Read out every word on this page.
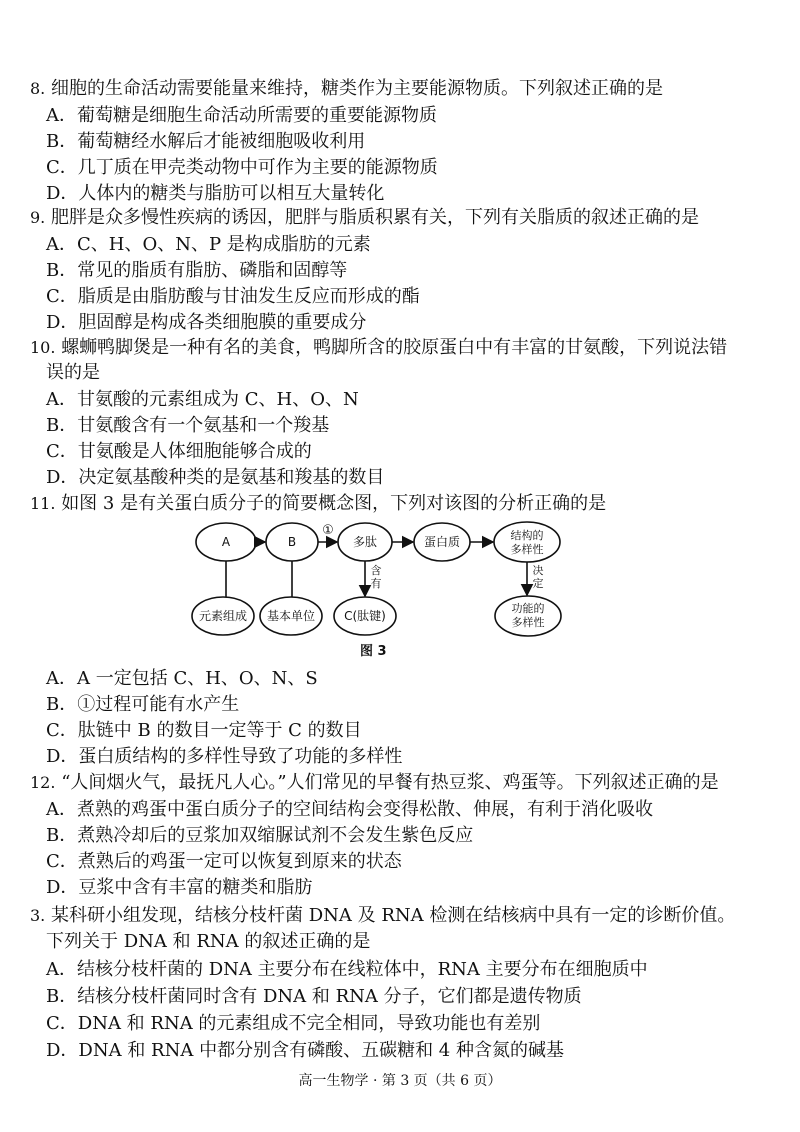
8. 细胞的生命活动需要能量来维持，糖类作为主要能源物质。下列叙述正确的是
A．葡萄糖是细胞生命活动所需要的重要能源物质
B．葡萄糖经水解后才能被细胞吸收利用
C．几丁质在甲壳类动物中可作为主要的能源物质
D．人体内的糖类与脂肪可以相互大量转化
9. 肥胖是众多慢性疾病的诱因，肥胖与脂质积累有关，下列有关脂质的叙述正确的是
A．C、H、O、N、P 是构成脂肪的元素
B．常见的脂质有脂肪、磷脂和固醇等
C．脂质是由脂肪酸与甘油发生反应而形成的酯
D．胆固醇是构成各类细胞膜的重要成分
10. 螺蛳鸭脚煲是一种有名的美食，鸭脚所含的胶原蛋白中有丰富的甘氨酸，下列说法错
误的是
A．甘氨酸的元素组成为 C、H、O、N
B．甘氨酸含有一个氨基和一个羧基
C．甘氨酸是人体细胞能够合成的
D．决定氨基酸种类的是氨基和羧基的数目
11. 如图 3 是有关蛋白质分子的简要概念图，下列对该图的分析正确的是
A	B	多肽	蛋白质	结构的
多样性
元素组成 基本单位 C(肽键)
功能的
多样性
①
含
有
决
定
图 3
A．A 一定包括 C、H、O、N、S
B．①过程可能有水产生
C．肽链中 B 的数目一定等于 C 的数目
D．蛋白质结构的多样性导致了功能的多样性
12. “人间烟火气，最抚凡人心。”人们常见的早餐有热豆浆、鸡蛋等。下列叙述正确的是
A．煮熟的鸡蛋中蛋白质分子的空间结构会变得松散、伸展，有利于消化吸收
B．煮熟冷却后的豆浆加双缩脲试剂不会发生紫色反应
C．煮熟后的鸡蛋一定可以恢复到原来的状态
D．豆浆中含有丰富的糖类和脂肪
3. 某科研小组发现，结核分枝杆菌 DNA 及 RNA 检测在结核病中具有一定的诊断价值。
下列关于 DNA 和 RNA 的叙述正确的是
A．结核分枝杆菌的 DNA 主要分布在线粒体中，RNA 主要分布在细胞质中
B．结核分枝杆菌同时含有 DNA 和 RNA 分子，它们都是遗传物质
C．DNA 和 RNA 的元素组成不完全相同，导致功能也有差别
D．DNA 和 RNA 中都分别含有磷酸、五碳糖和 4 种含氮的碱基
高一生物学 · 第 3 页（共 6 页）
